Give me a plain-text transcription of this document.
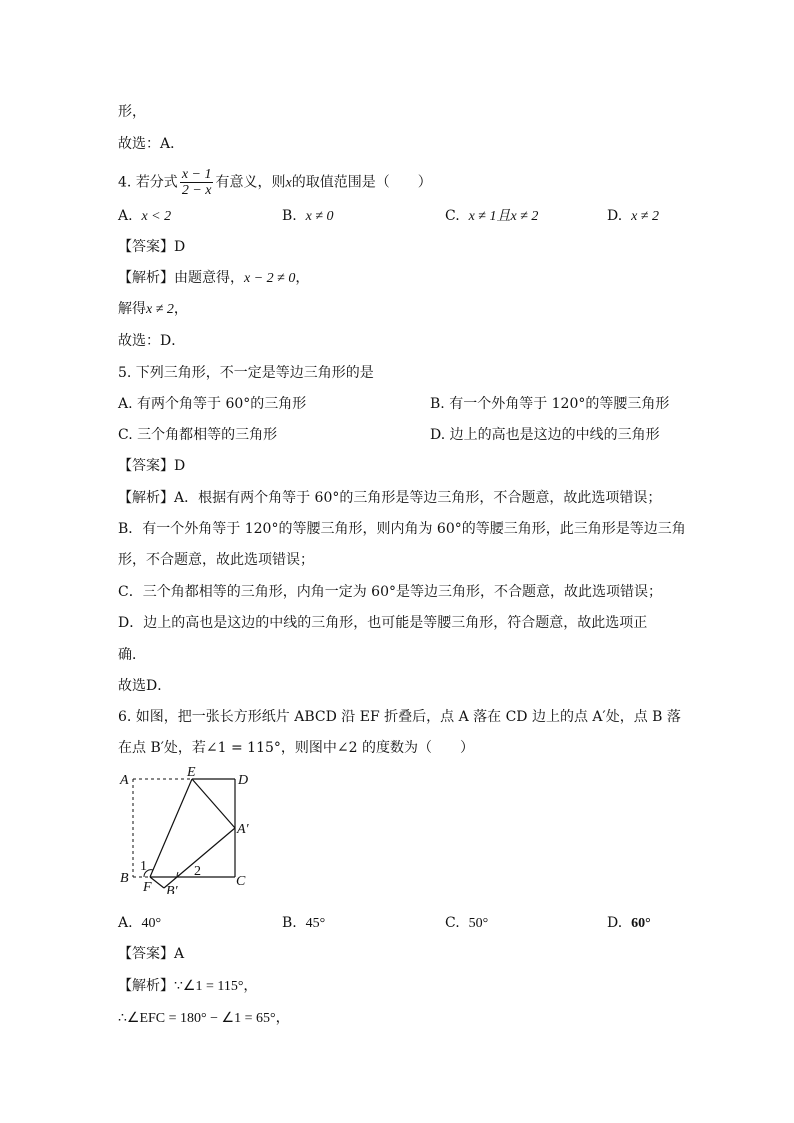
形，
故选：A．
4. 若分式 $\frac{x - 1}{2 - x}$ 有意义，则x的取值范围是（　　）
A. x < 2	B. x ≠ 0	C. x ≠ 1且x ≠ 2	D. x ≠ 2
【答案】D
【解析】由题意得，x − 2 ≠ 0，
解得x ≠ 2，
故选：D．
5. 下列三角形，不一定是等边三角形的是
A. 有两个角等于 60°的三角形	B. 有一个外角等于 120°的等腰三角形
C. 三个角都相等的三角形	D. 边上的高也是这边的中线的三角形
【答案】D
【解析】A．根据有两个角等于 60°的三角形是等边三角形，不合题意，故此选项错误；
B．有一个外角等于 120°的等腰三角形，则内角为 60°的等腰三角形，此三角形是等边三角
形，不合题意，故此选项错误；
C．三个角都相等的三角形，内角一定为 60°是等边三角形，不合题意，故此选项错误；
D．边上的高也是这边的中线的三角形，也可能是等腰三角形，符合题意，故此选项正
确．
故选D．
6. 如图，把一张长方形纸片 ABCD 沿 EF 折叠后，点 A 落在 CD 边上的点 A′处，点 B 落
在点 B′处，若∠1 = 115°，则图中∠2 的度数为（　　）
A
E
D
A′
B
F B′
C
1	2
A. 40°	B. 45°	C. 50°	D. 60°
【答案】A
【解析】∵∠1 = 115°，
∴∠EFC = 180° − ∠1 = 65°，
